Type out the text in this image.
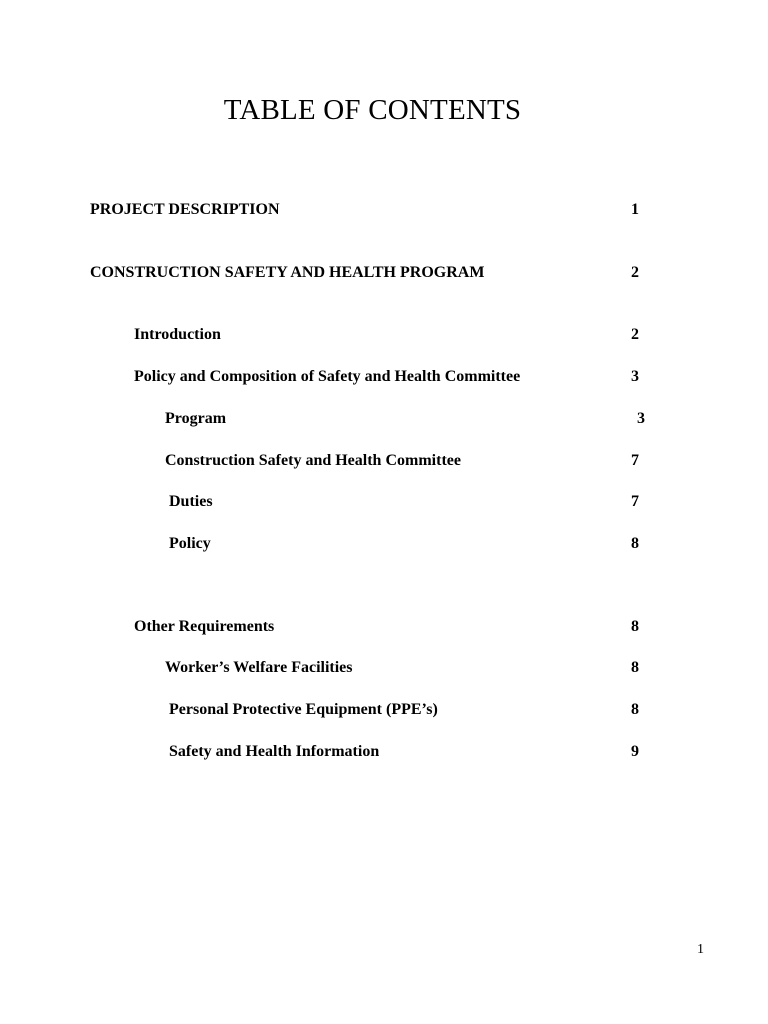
TABLE OF CONTENTS
PROJECT DESCRIPTION	1
CONSTRUCTION SAFETY AND HEALTH PROGRAM	2
Introduction	2
Policy and Composition of Safety and Health Committee	3
Program	3
Construction Safety and Health Committee	7
Duties	7
Policy	8
Other Requirements	8
Worker’s Welfare Facilities	8
Personal Protective Equipment (PPE’s)	8
Safety and Health Information	9
1
